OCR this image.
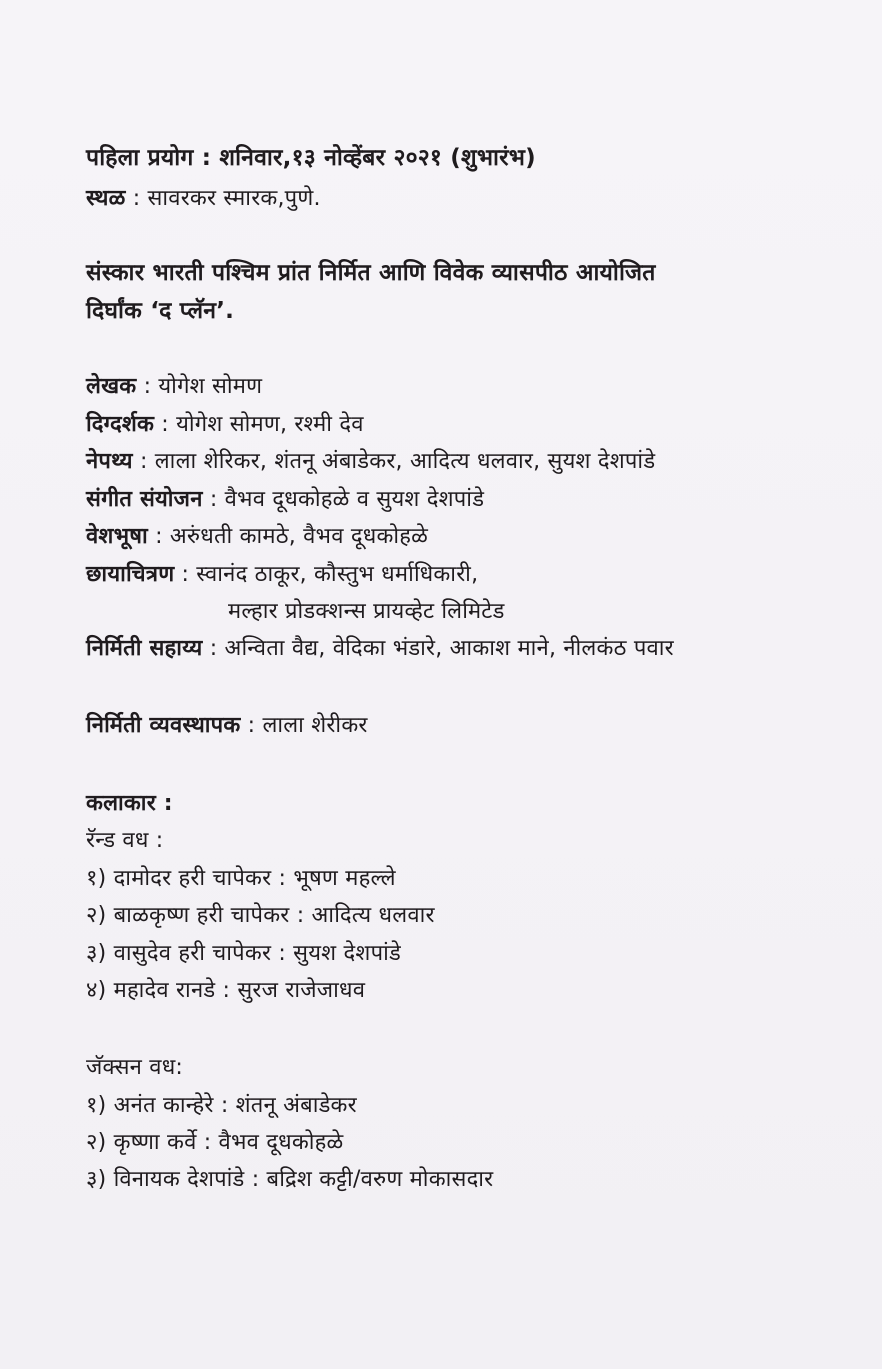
पहिला प्रयोग : शनिवार,१३ नोव्हेंबर २०२१ (शुभारंभ)
स्थळ : सावरकर स्मारक,पुणे.
संस्कार भारती पश्चिम प्रांत निर्मित आणि विवेक व्यासपीठ आयोजित
दिर्घांक ‘द प्लॅन’.
लेखक : योगेश सोमण
दिग्दर्शक : योगेश सोमण, रश्मी देव
नेपथ्य : लाला शेरिकर, शंतनू अंबाडेकर, आदित्य धलवार, सुयश देशपांडे
संगीत संयोजन : वैभव दूधकोहळे व सुयश देशपांडे
वेशभूषा : अरुंधती कामठे, वैभव दूधकोहळे
छायाचित्रण : स्वानंद ठाकूर, कौस्तुभ धर्माधिकारी,
मल्हार प्रोडक्शन्स प्रायव्हेट लिमिटेड
निर्मिती सहाय्य : अन्विता वैद्य, वेदिका भंडारे, आकाश माने, नीलकंठ पवार
निर्मिती व्यवस्थापक : लाला शेरीकर
कलाकार :
रॅन्ड वध :
१) दामोदर हरी चापेकर : भूषण महल्ले
२) बाळकृष्ण हरी चापेकर : आदित्य धलवार
३) वासुदेव हरी चापेकर : सुयश देशपांडे
४) महादेव रानडे : सुरज राजेजाधव
जॅक्सन वध:
१) अनंत कान्हेरे : शंतनू अंबाडेकर
२) कृष्णा कर्वे : वैभव दूधकोहळे
३) विनायक देशपांडे : बद्रिश कट्टी/वरुण मोकासदार
